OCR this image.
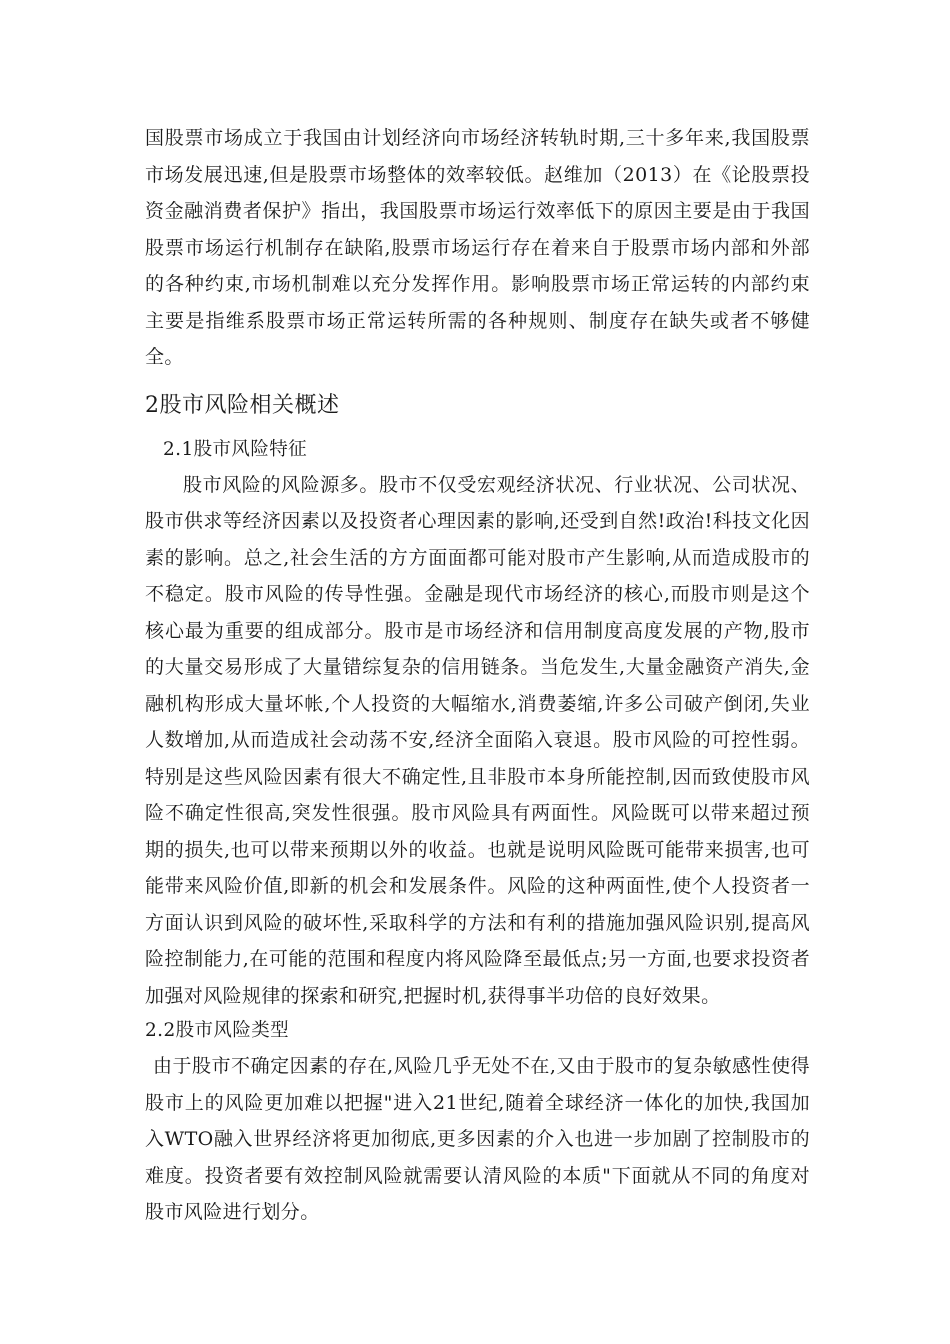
国股票市场成立于我国由计划经济向市场经济转轨时期,三十多年来,我国股票市场发展迅速,但是股票市场整体的效率较低。赵维加（2013）在《论股票投资金融消费者保护》指出，我国股票市场运行效率低下的原因主要是由于我国股票市场运行机制存在缺陷,股票市场运行存在着来自于股票市场内部和外部的各种约束,市场机制难以充分发挥作用。影响股票市场正常运转的内部约束主要是指维系股票市场正常运转所需的各种规则、制度存在缺失或者不够健全。

2股市风险相关概述
2.1股市风险特征

股市风险的风险源多。股市不仅受宏观经济状况、行业状况、公司状况、股市供求等经济因素以及投资者心理因素的影响,还受到自然!政治!科技文化因素的影响。总之,社会生活的方方面面都可能对股市产生影响,从而造成股市的不稳定。股市风险的传导性强。金融是现代市场经济的核心,而股市则是这个核心最为重要的组成部分。股市是市场经济和信用制度高度发展的产物,股市的大量交易形成了大量错综复杂的信用链条。当危发生,大量金融资产消失,金融机构形成大量坏帐,个人投资的大幅缩水,消费萎缩,许多公司破产倒闭,失业人数增加,从而造成社会动荡不安,经济全面陷入衰退。股市风险的可控性弱。特别是这些风险因素有很大不确定性,且非股市本身所能控制,因而致使股市风险不确定性很高,突发性很强。股市风险具有两面性。风险既可以带来超过预期的损失,也可以带来预期以外的收益。也就是说明风险既可能带来损害,也可能带来风险价值,即新的机会和发展条件。风险的这种两面性,使个人投资者一方面认识到风险的破坏性,采取科学的方法和有利的措施加强风险识别,提高风险控制能力,在可能的范围和程度内将风险降至最低点;另一方面,也要求投资者加强对风险规律的探索和研究,把握时机,获得事半功倍的良好效果。

2.2股市风险类型

由于股市不确定因素的存在,风险几乎无处不在,又由于股市的复杂敏感性使得股市上的风险更加难以把握"进入21世纪,随着全球经济一体化的加快,我国加入WTO融入世界经济将更加彻底,更多因素的介入也进一步加剧了控制股市的难度。投资者要有效控制风险就需要认清风险的本质"下面就从不同的角度对股市风险进行划分。
